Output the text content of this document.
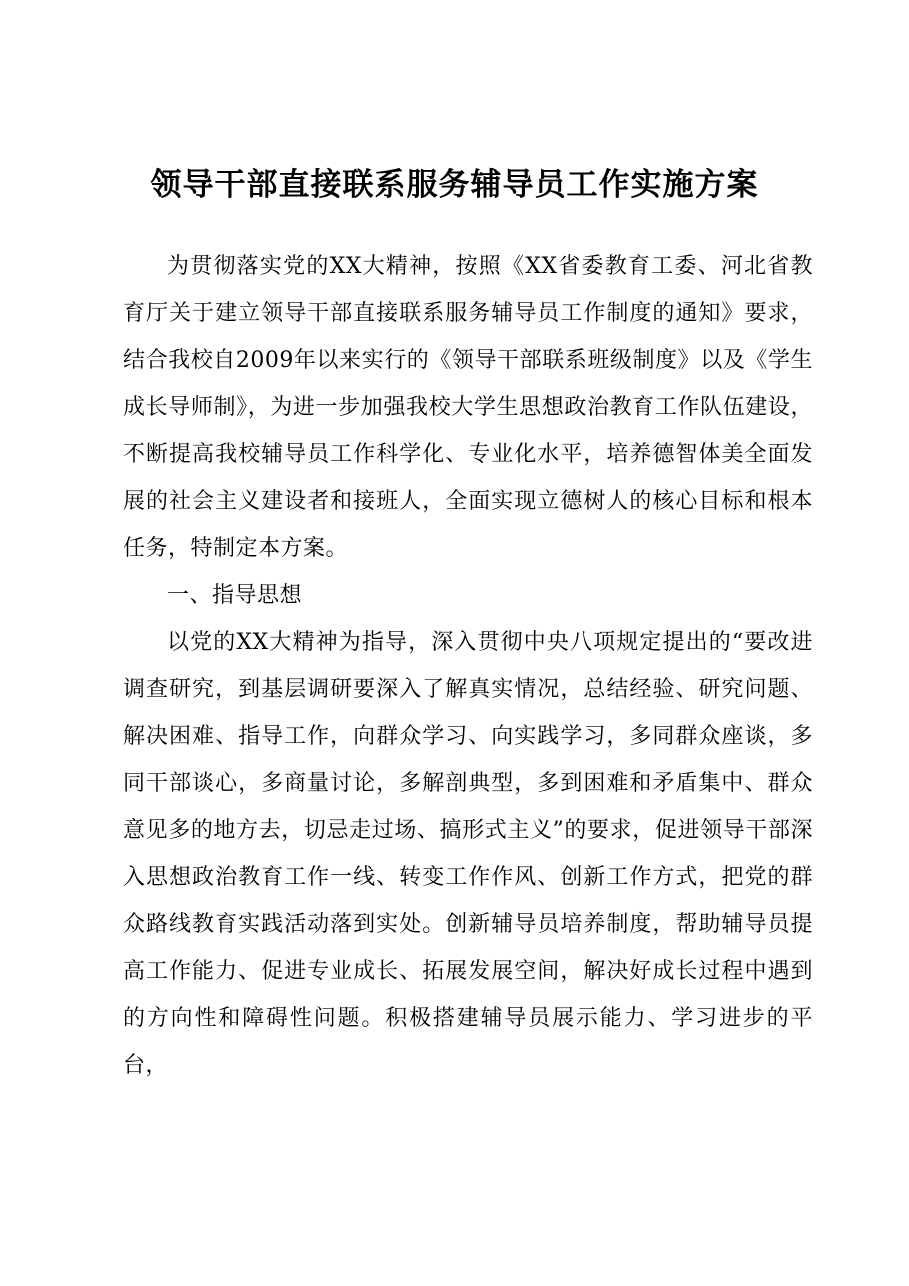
领导干部直接联系服务辅导员工作实施方案

为贯彻落实党的XX大精神，按照《XX省委教育工委、河北省教育厅关于建立领导干部直接联系服务辅导员工作制度的通知》要求，结合我校自2009年以来实行的《领导干部联系班级制度》以及《学生成长导师制》，为进一步加强我校大学生思想政治教育工作队伍建设，不断提高我校辅导员工作科学化、专业化水平，培养德智体美全面发展的社会主义建设者和接班人，全面实现立德树人的核心目标和根本任务，特制定本方案。

一、指导思想

以党的XX大精神为指导，深入贯彻中央八项规定提出的“要改进调查研究，到基层调研要深入了解真实情况，总结经验、研究问题、解决困难、指导工作，向群众学习、向实践学习，多同群众座谈，多同干部谈心，多商量讨论，多解剖典型，多到困难和矛盾集中、群众意见多的地方去，切忌走过场、搞形式主义”的要求，促进领导干部深入思想政治教育工作一线、转变工作作风、创新工作方式，把党的群众路线教育实践活动落到实处。创新辅导员培养制度，帮助辅导员提高工作能力、促进专业成长、拓展发展空间，解决好成长过程中遇到的方向性和障碍性问题。积极搭建辅导员展示能力、学习进步的平台，
